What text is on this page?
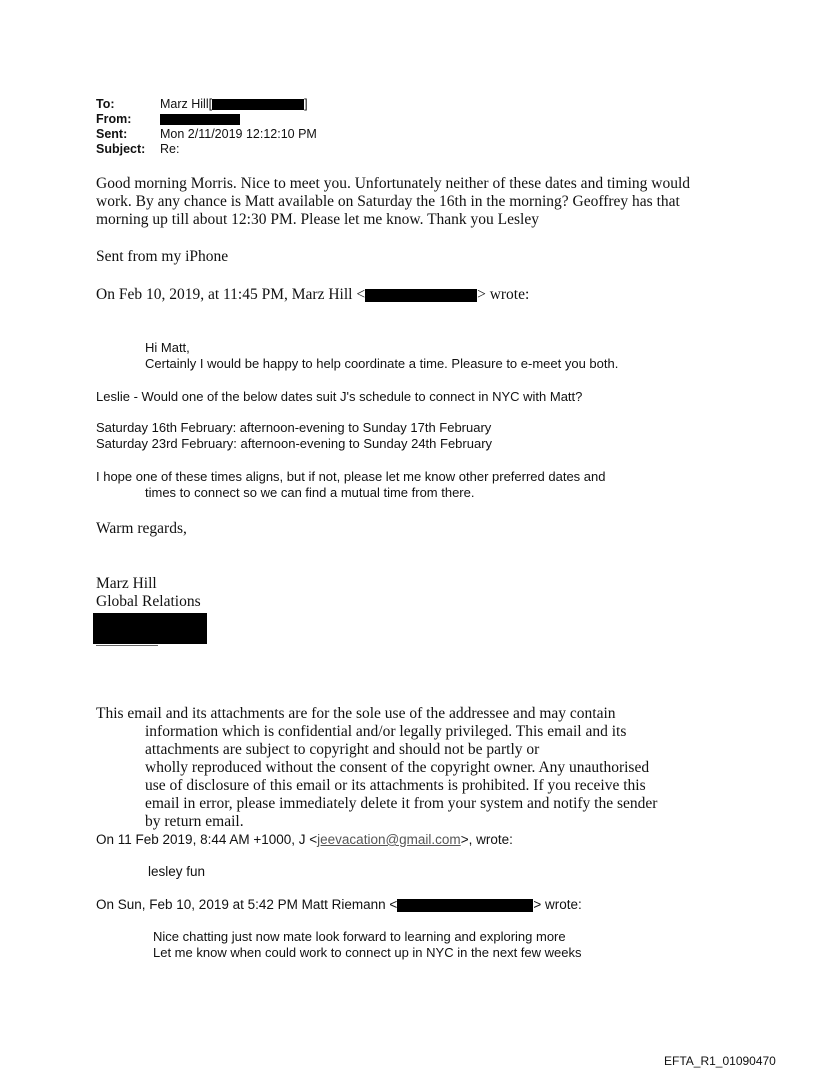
To:	Marz Hill[	]
From:
Sent:	Mon 2/11/2019 12:12:10 PM
Subject: Re:
Good morning Morris. Nice to meet you. Unfortunately neither of these dates and timing would
work. By any chance is Matt available on Saturday the 16th in the morning? Geoffrey has that
morning up till about 12:30 PM. Please let me know. Thank you Lesley
Sent from my iPhone
On Feb 10, 2019, at 11:45 PM, Marz Hill <	> wrote:
Hi Matt,
Certainly I would be happy to help coordinate a time. Pleasure to e-meet you both.
Leslie - Would one of the below dates suit J's schedule to connect in NYC with Matt?
Saturday 16th February: afternoon-evening to Sunday 17th February
Saturday 23rd February: afternoon-evening to Sunday 24th February
I hope one of these times aligns, but if not, please let me know other preferred dates and
times to connect so we can find a mutual time from there.
Warm regards,
Marz Hill
Global Relations
This email and its attachments are for the sole use of the addressee and may contain
information which is confidential and/or legally privileged. This email and its
attachments are subject to copyright and should not be partly or
wholly reproduced without the consent of the copyright owner. Any unauthorised
use of disclosure of this email or its attachments is prohibited. If you receive this
email in error, please immediately delete it from your system and notify the sender
by return email.
On 11 Feb 2019, 8:44 AM +1000, J <jeevacation@gmail.com>, wrote:
lesley fun
On Sun, Feb 10, 2019 at 5:42 PM Matt Riemann <	> wrote:
Nice chatting just now mate look forward to learning and exploring more
Let me know when could work to connect up in NYC in the next few weeks
EFTA_R1_01090470
